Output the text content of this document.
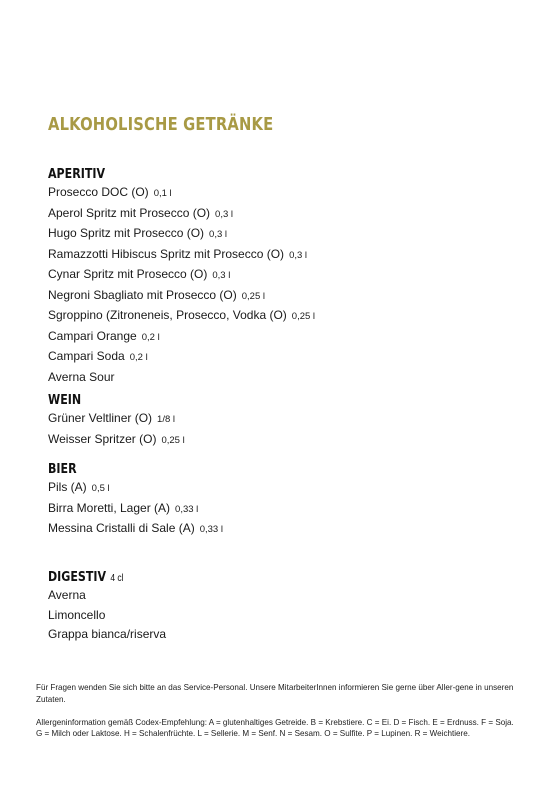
ALKOHOLISCHE GETRÄNKE
APERITIV
Prosecco DOC (O) 0,1 l
Aperol Spritz mit Prosecco (O) 0,3 l
Hugo Spritz mit Prosecco (O) 0,3 l
Ramazzotti Hibiscus Spritz mit Prosecco (O) 0,3 l
Cynar Spritz mit Prosecco (O) 0,3 l
Negroni Sbagliato mit Prosecco (O) 0,25 l
Sgroppino (Zitroneneis, Prosecco, Vodka (O) 0,25 l
Campari Orange 0,2 l
Campari Soda 0,2 l
Averna Sour
WEIN
Grüner Veltliner (O) 1/8 l
Weisser Spritzer (O) 0,25 l
BIER
Pils (A) 0,5 l
Birra Moretti, Lager (A) 0,33 l
Messina Cristalli di Sale (A) 0,33 l
DIGESTIV 4 cl
Averna
Limoncello
Grappa bianca/riserva

Für Fragen wenden Sie sich bitte an das Service-Personal. Unsere MitarbeiterInnen informieren Sie gerne über Aller-gene in unseren Zutaten.

Allergeninformation gemäß Codex-Empfehlung: A = glutenhaltiges Getreide. B = Krebstiere. C = Ei. D = Fisch. E = Erdnuss. F = Soja. G = Milch oder Laktose. H = Schalenfrüchte. L = Sellerie. M = Senf. N = Sesam. O = Sulfite. P = Lupinen. R = Weichtiere.
